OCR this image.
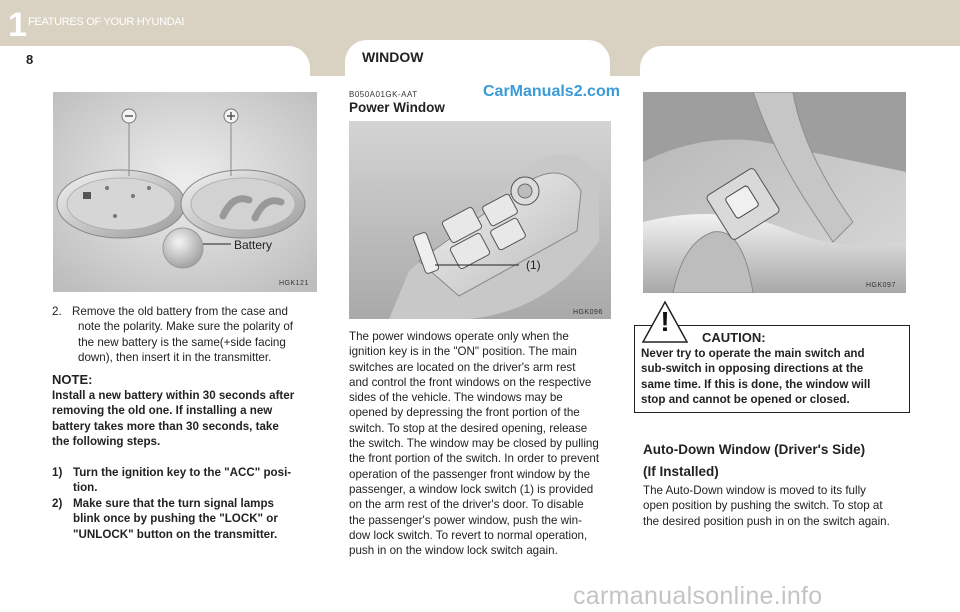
1 FEATURES OF YOUR HYUNDAI
8	WINDOW
Battery
HGK121
2. Remove the old battery from the case and
note the polarity. Make sure the polarity of
the new battery is the same(+side facing
down), then insert it in the transmitter.
NOTE:
Install a new battery within 30 seconds after
removing the old one. If installing a new
battery takes more than 30 seconds, take
the following steps.
1) Turn the ignition key to the "ACC" posi-
tion.
2) Make sure that the turn signal lamps
blink once by pushing the "LOCK" or
"UNLOCK" button on the transmitter.
B050A01GK-AAT
Power Window
CarManuals2.com
(1)
HGK096
The power windows operate only when the
ignition key is in the "ON" position. The main
switches are located on the driver's arm rest
and control the front windows on the respective
sides of the vehicle. The windows may be
opened by depressing the front portion of the
switch. To stop at the desired opening, release
the switch. The window may be closed by pulling
the front portion of the switch. In order to prevent
operation of the passenger front window by the
passenger, a window lock switch (1) is provided
on the arm rest of the driver's door. To disable
the passenger's power window, push the win-
dow lock switch. To revert to normal operation,
push in on the window lock switch again.
HGK097
!
CAUTION:
Never try to operate the main switch and
sub-switch in opposing directions at the
same time. If this is done, the window will
stop and cannot be opened or closed.
Auto-Down Window (Driver's Side)
(If Installed)
The Auto-Down window is moved to its fully
open position by pushing the switch. To stop at
the desired position push in on the switch again.
carmanualsonline.info
